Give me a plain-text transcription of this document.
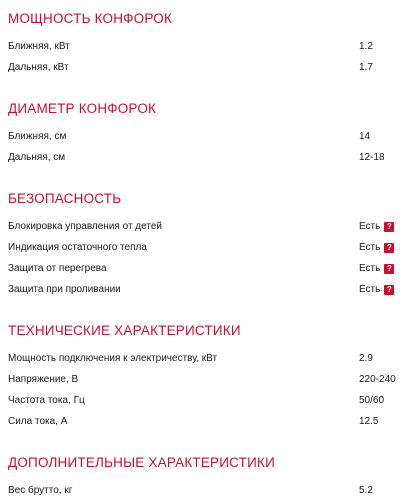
МОЩНОСТЬ КОНФОРОК
Ближняя, кВт	1.2
Дальняя, кВт	1.7
ДИАМЕТР КОНФОРОК
Ближняя, см	14
Дальняя, см	12-18
БЕЗОПАСНОСТЬ
Блокировка управления от детей	Есть ?
Индикация остаточного тепла	Есть ?
Защита от перегрева	Есть ?
Защита при проливании	Есть ?
ТЕХНИЧЕСКИЕ ХАРАКТЕРИСТИКИ
Мощность подключения к электричеству, кВт	2.9
Напряжение, В	220-240
Частота тока, Гц	50/60
Сила тока, А	12.5
ДОПОЛНИТЕЛЬНЫЕ ХАРАКТЕРИСТИКИ
Вес брутто, кг	5.2
